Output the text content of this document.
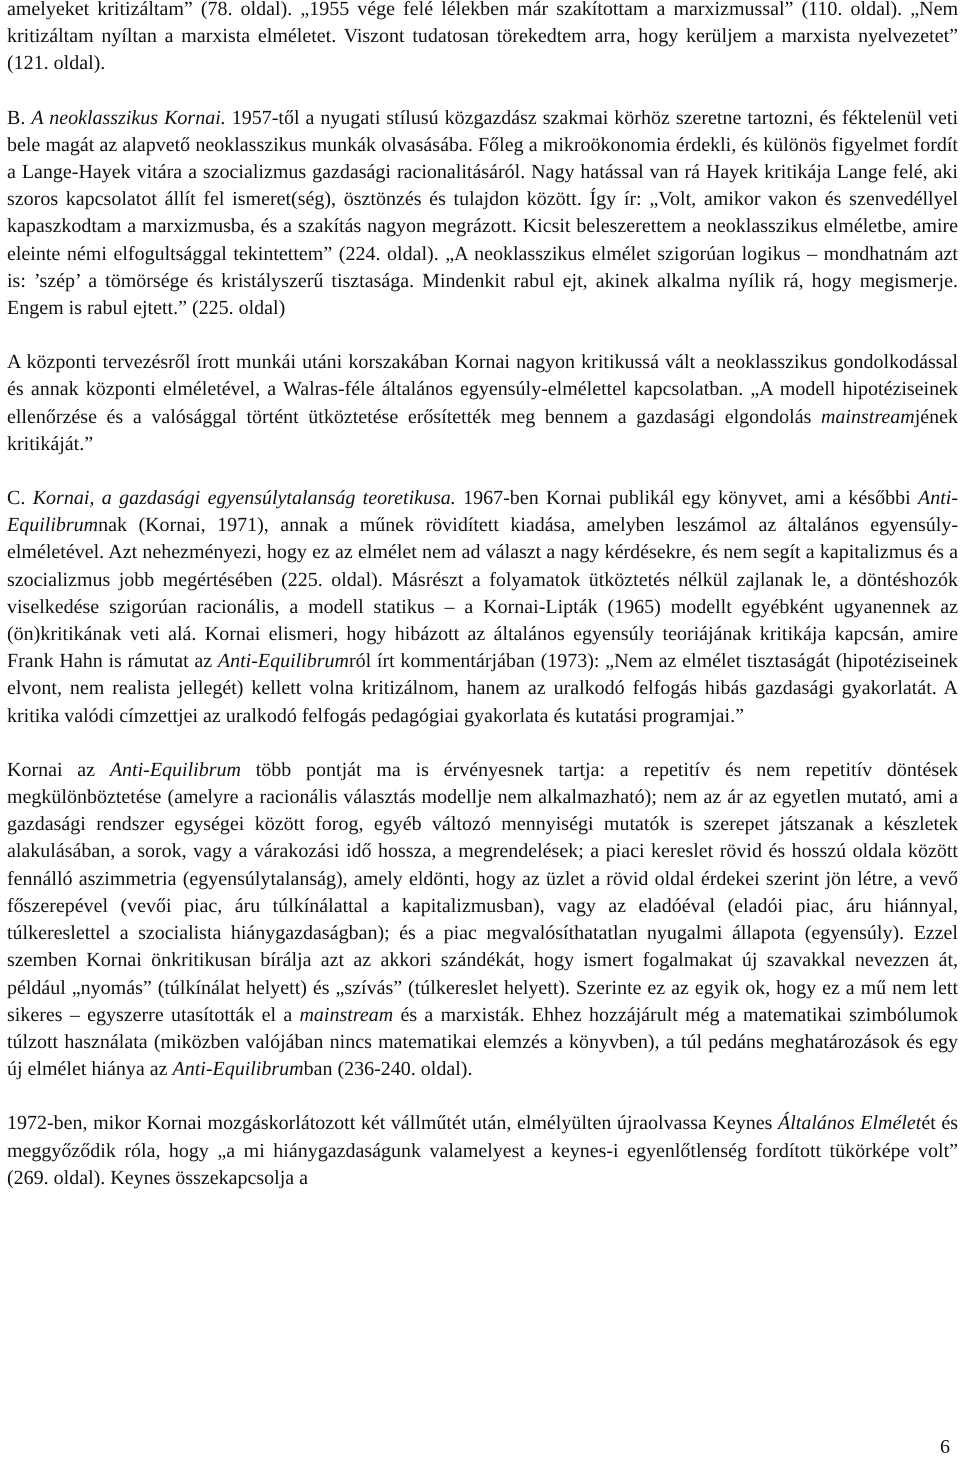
amelyeket kritizáltam” (78. oldal). „1955 vége felé lélekben már szakítottam a marxizmussal” (110. oldal). „Nem kritizáltam nyíltan a marxista elméletet. Viszont tudatosan törekedtem arra, hogy kerüljem a marxista nyelvezetet” (121. oldal).

B. A neoklasszikus Kornai. 1957-től a nyugati stílusú közgazdász szakmai körhöz szeretne tartozni, és féktelenül veti bele magát az alapvető neoklasszikus munkák olvasásába. Főleg a mikroökonomia érdekli, és különös figyelmet fordít a Lange-Hayek vitára a szocializmus gazdasági racionalitásáról. Nagy hatással van rá Hayek kritikája Lange felé, aki szoros kapcsolatot állít fel ismeret(ség), ösztönzés és tulajdon között. Így ír: „Volt, amikor vakon és szenvedéllyel kapaszkodtam a marxizmusba, és a szakítás nagyon megrázott. Kicsit beleszerettem a neoklasszikus elméletbe, amire eleinte némi elfogultsággal tekintettem” (224. oldal). „A neoklasszikus elmélet szigorúan logikus – mondhatnám azt is: ’szép’ a tömörsége és kristályszerű tisztasága. Mindenkit rabul ejt, akinek alkalma nyílik rá, hogy megismerje. Engem is rabul ejtett.” (225. oldal)

A központi tervezésről írott munkái utáni korszakában Kornai nagyon kritikussá vált a neoklasszikus gondolkodással és annak központi elméletével, a Walras-féle általános egyensúly-elmélettel kapcsolatban. „A modell hipotéziseinek ellenőrzése és a valósággal történt ütköztetése erősítették meg bennem a gazdasági elgondolás mainstreamjének kritikáját.”

C. Kornai, a gazdasági egyensúlytalanság teoretikusa. 1967-ben Kornai publikál egy könyvet, ami a későbbi Anti-Equilibrumnak (Kornai, 1971), annak a műnek rövidített kiadása, amelyben leszámol az általános egyensúly-elméletével. Azt nehezményezi, hogy ez az elmélet nem ad választ a nagy kérdésekre, és nem segít a kapitalizmus és a szocializmus jobb megértésében (225. oldal). Másrészt a folyamatok ütköztetés nélkül zajlanak le, a döntéshozók viselkedése szigorúan racionális, a modell statikus – a Kornai-Lipták (1965) modellt egyébként ugyanennek az (ön)kritikának veti alá. Kornai elismeri, hogy hibázott az általános egyensúly teoriájának kritikája kapcsán, amire Frank Hahn is rámutat az Anti-Equilibrumról írt kommentárjában (1973): „Nem az elmélet tisztaságát (hipotéziseinek elvont, nem realista jellegét) kellett volna kritizálnom, hanem az uralkodó felfogás hibás gazdasági gyakorlatát. A kritika valódi címzettjei az uralkodó felfogás pedagógiai gyakorlata és kutatási programjai.”

Kornai az Anti-Equilibrum több pontját ma is érvényesnek tartja: a repetitív és nem repetitív döntések megkülönböztetése (amelyre a racionális választás modellje nem alkalmazható); nem az ár az egyetlen mutató, ami a gazdasági rendszer egységei között forog, egyéb változó mennyiségi mutatók is szerepet játszanak a készletek alakulásában, a sorok, vagy a várakozási idő hossza, a megrendelések; a piaci kereslet rövid és hosszú oldala között fennálló aszimmetria (egyensúlytalanság), amely eldönti, hogy az üzlet a rövid oldal érdekei szerint jön létre, a vevő főszerepével (vevői piac, áru túlkínálattal a kapitalizmusban), vagy az eladóéval (eladói piac, áru hiánnyal, túlkereslettel a szocialista hiánygazdaságban); és a piac megvalósíthatatlan nyugalmi állapota (egyensúly). Ezzel szemben Kornai önkritikusan bírálja azt az akkori szándékát, hogy ismert fogalmakat új szavakkal nevezzen át, például „nyomás” (túlkínálat helyett) és „szívás” (túlkereslet helyett). Szerinte ez az egyik ok, hogy ez a mű nem lett sikeres – egyszerre utasították el a mainstream és a marxisták. Ehhez hozzájárult még a matematikai szimbólumok túlzott használata (miközben valójában nincs matematikai elemzés a könyvben), a túl pedáns meghatározások és egy új elmélet hiánya az Anti-Equilibrumban (236-240. oldal).

1972-ben, mikor Kornai mozgáskorlátozott két vállműtét után, elmélyülten újraolvassa Keynes Általános Elméletét és meggyőződik róla, hogy „a mi hiánygazdaságunk valamelyest a keynes-i egyenlőtlenség fordított tükörképe volt” (269. oldal). Keynes összekapcsolja a

6
